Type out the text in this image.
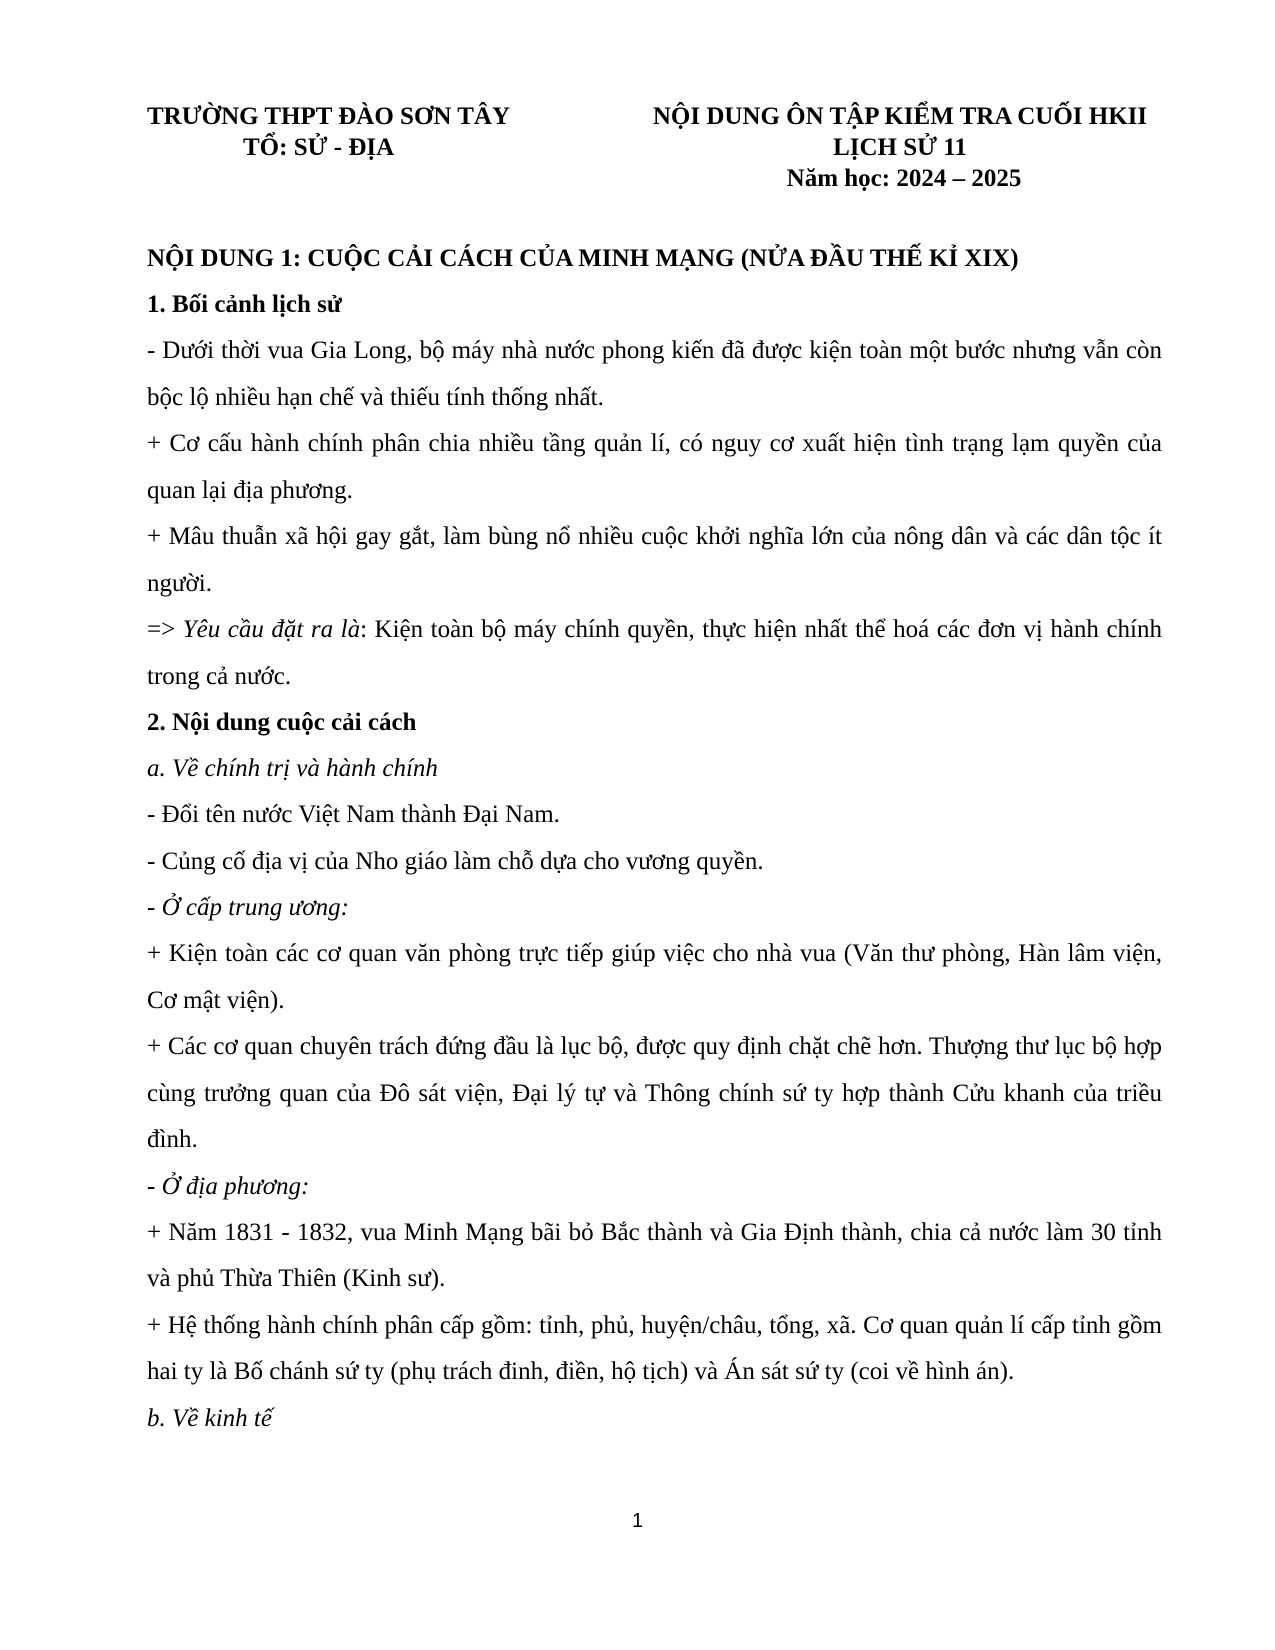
TRƯỜNG THPT ĐÀO SƠN TÂY
TỔ: SỬ - ĐỊA
NỘI DUNG ÔN TẬP KIỂM TRA CUỐI HKII
LỊCH SỬ 11
Năm học: 2024 – 2025

NỘI DUNG 1: CUỘC CẢI CÁCH CỦA MINH MẠNG (NỬA ĐẦU THẾ KỈ XIX)

1. Bối cảnh lịch sử

- Dưới thời vua Gia Long, bộ máy nhà nước phong kiến đã được kiện toàn một bước nhưng vẫn còn bộc lộ nhiều hạn chế và thiếu tính thống nhất.

+ Cơ cấu hành chính phân chia nhiều tầng quản lí, có nguy cơ xuất hiện tình trạng lạm quyền của quan lại địa phương.

+ Mâu thuẫn xã hội gay gắt, làm bùng nổ nhiều cuộc khởi nghĩa lớn của nông dân và các dân tộc ít người.

=> Yêu cầu đặt ra là: Kiện toàn bộ máy chính quyền, thực hiện nhất thể hoá các đơn vị hành chính trong cả nước.

2. Nội dung cuộc cải cách

a. Về chính trị và hành chính

- Đổi tên nước Việt Nam thành Đại Nam.

- Củng cố địa vị của Nho giáo làm chỗ dựa cho vương quyền.

- Ở cấp trung ương:

+ Kiện toàn các cơ quan văn phòng trực tiếp giúp việc cho nhà vua (Văn thư phòng, Hàn lâm viện, Cơ mật viện).

+ Các cơ quan chuyên trách đứng đầu là lục bộ, được quy định chặt chẽ hơn. Thượng thư lục bộ hợp cùng trưởng quan của Đô sát viện, Đại lý tự và Thông chính sứ ty hợp thành Cửu khanh của triều đình.

- Ở địa phương:

+ Năm 1831 - 1832, vua Minh Mạng bãi bỏ Bắc thành và Gia Định thành, chia cả nước làm 30 tỉnh và phủ Thừa Thiên (Kinh sư).

+ Hệ thống hành chính phân cấp gồm: tỉnh, phủ, huyện/châu, tổng, xã. Cơ quan quản lí cấp tỉnh gồm hai ty là Bố chánh sứ ty (phụ trách đinh, điền, hộ tịch) và Án sát sứ ty (coi về hình án).

b. Về kinh tế

1
